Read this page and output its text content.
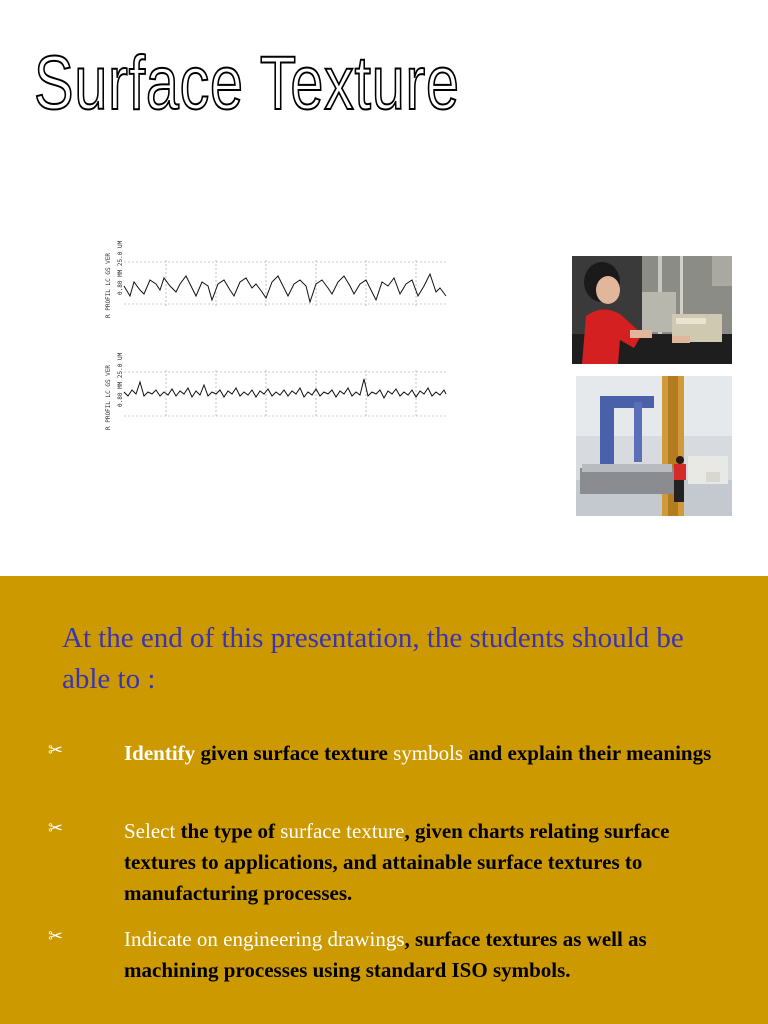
Surface Texture
R PROFIL LC GS VER 0.80 MM 25.0 UM
R PROFIL LC GS VER 0.80 MM 25.0 UM

At the end of this presentation, the students should be able to :

✂	Identify given surface texture symbols and explain their meanings

✂	Select the type of surface texture, given charts relating surface textures to applications, and attainable surface textures to manufacturing processes.

✂	Indicate on engineering drawings, surface textures as well as machining processes using standard ISO symbols.
